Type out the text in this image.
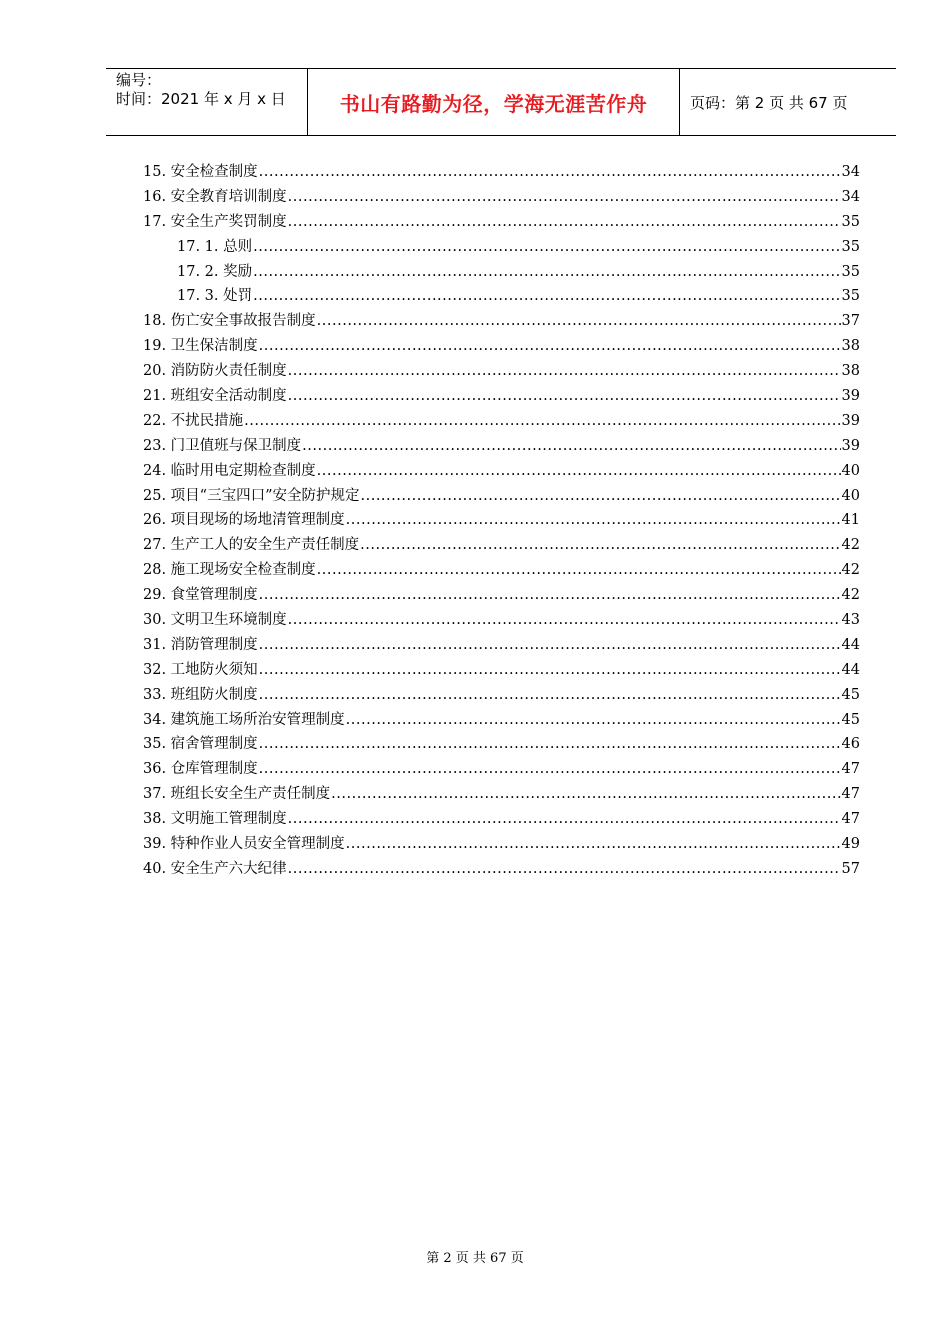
编号：
时间：2021 年 x 月 x 日	书山有路勤为径，学海无涯苦作舟	页码：第 2 页 共 67 页
15. 安全检查制度 .....	34
16. 安全教育培训制度 .....	34
17. 安全生产奖罚制度 .....	35
17. 1. 总则 .....	35
17. 2. 奖励 .....	35
17. 3. 处罚 .....	35
18. 伤亡安全事故报告制度 .....	37
19. 卫生保洁制度 .....	38
20. 消防防火责任制度 .....	38
21. 班组安全活动制度 .....	39
22. 不扰民措施 .....	39
23. 门卫值班与保卫制度 .....	39
24. 临时用电定期检查制度 .....	40
25. 项目“三宝四口”安全防护规定 .....	40
26. 项目现场的场地清管理制度 .....	41
27. 生产工人的安全生产责任制度 .....	42
28. 施工现场安全检查制度 .....	42
29. 食堂管理制度 .....	42
30. 文明卫生环境制度 .....	43
31. 消防管理制度 .....	44
32. 工地防火须知 .....	44
33. 班组防火制度 .....	45
34. 建筑施工场所治安管理制度 .....	45
35. 宿舍管理制度 .....	46
36. 仓库管理制度 .....	47
37. 班组长安全生产责任制度 .....	47
38. 文明施工管理制度 .....	47
39. 特种作业人员安全管理制度 .....	49
40. 安全生产六大纪律 .....	57
第 2 页 共 67 页
